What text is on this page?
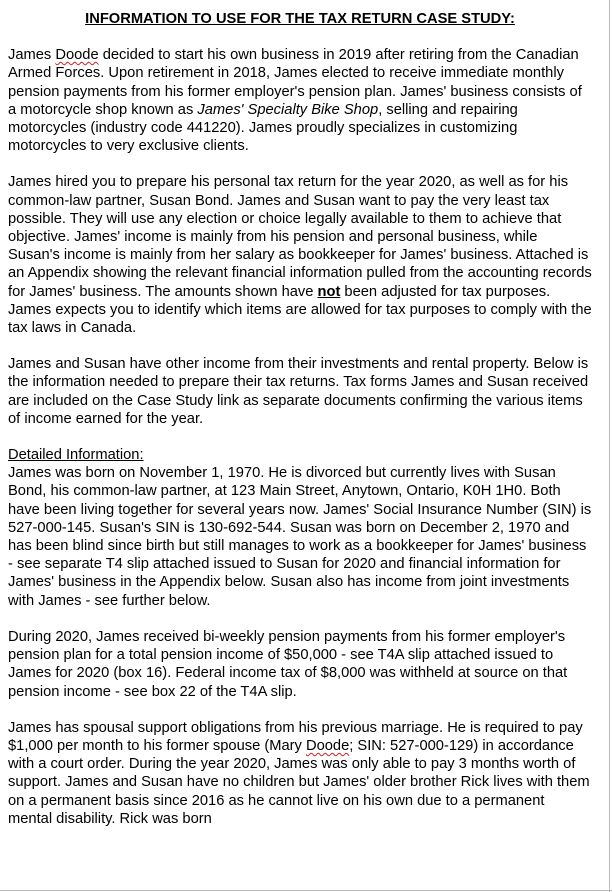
INFORMATION TO USE FOR THE TAX RETURN CASE STUDY:

James Doode decided to start his own business in 2019 after retiring from the Canadian Armed Forces. Upon retirement in 2018, James elected to receive immediate monthly pension payments from his former employer's pension plan. James' business consists of a motorcycle shop known as James' Specialty Bike Shop, selling and repairing motorcycles (industry code 441220). James proudly specializes in customizing motorcycles to very exclusive clients.

James hired you to prepare his personal tax return for the year 2020, as well as for his common-law partner, Susan Bond. James and Susan want to pay the very least tax possible. They will use any election or choice legally available to them to achieve that objective. James' income is mainly from his pension and personal business, while Susan's income is mainly from her salary as bookkeeper for James' business. Attached is an Appendix showing the relevant financial information pulled from the accounting records for James' business. The amounts shown have not been adjusted for tax purposes. James expects you to identify which items are allowed for tax purposes to comply with the tax laws in Canada.

James and Susan have other income from their investments and rental property. Below is the information needed to prepare their tax returns. Tax forms James and Susan received are included on the Case Study link as separate documents confirming the various items of income earned for the year.

Detailed Information:
James was born on November 1, 1970. He is divorced but currently lives with Susan Bond, his common-law partner, at 123 Main Street, Anytown, Ontario, K0H 1H0. Both have been living together for several years now. James' Social Insurance Number (SIN) is 527-000-145. Susan's SIN is 130-692-544. Susan was born on December 2, 1970 and has been blind since birth but still manages to work as a bookkeeper for James' business - see separate T4 slip attached issued to Susan for 2020 and financial information for James' business in the Appendix below. Susan also has income from joint investments with James - see further below.

During 2020, James received bi-weekly pension payments from his former employer's pension plan for a total pension income of $50,000 - see T4A slip attached issued to James for 2020 (box 16). Federal income tax of $8,000 was withheld at source on that pension income - see box 22 of the T4A slip.

James has spousal support obligations from his previous marriage. He is required to pay $1,000 per month to his former spouse (Mary Doode; SIN: 527-000-129) in accordance with a court order. During the year 2020, James was only able to pay 3 months worth of support. James and Susan have no children but James' older brother Rick lives with them on a permanent basis since 2016 as he cannot live on his own due to a permanent mental disability. Rick was born
